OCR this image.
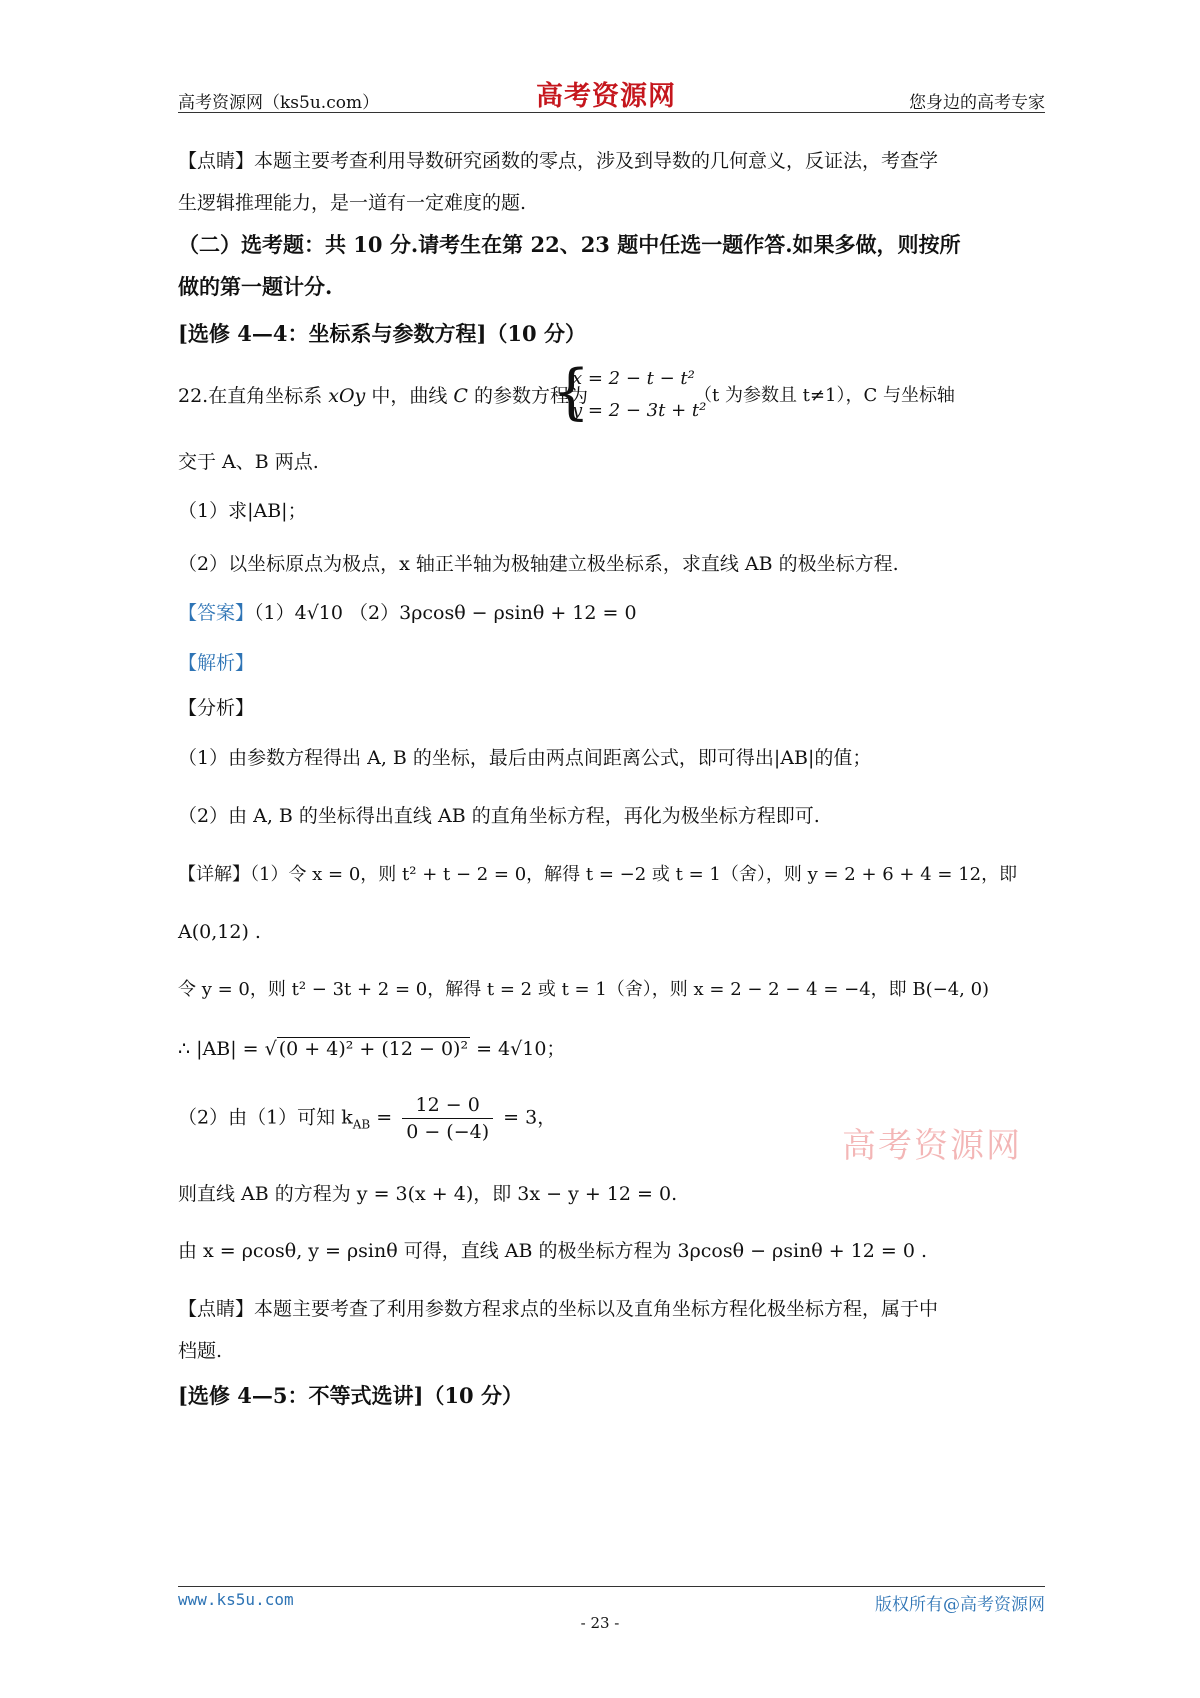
高考资源网（ks5u.com）	高考资源网	您身边的高考专家
【点睛】本题主要考查利用导数研究函数的零点，涉及到导数的几何意义，反证法，考查学
生逻辑推理能力，是一道有一定难度的题.
（二）选考题：共 10 分.请考生在第 22、23 题中任选一题作答.如果多做，则按所
做的第一题计分.
[选修 4—4：坐标系与参数方程]（10 分）
22.在直角坐标系 xOy 中，曲线 C 的参数方程为
{
x = 2 − t − t²
y = 2 − 3t + t²
（t 为参数且 t≠1），C 与坐标轴
交于 A、B 两点.
（1）求|AB|；
（2）以坐标原点为极点，x 轴正半轴为极轴建立极坐标系，求直线 AB 的极坐标方程.
【答案】（1）4√10 （2）3ρcosθ − ρsinθ + 12 = 0
【解析】
【分析】
（1）由参数方程得出 A, B 的坐标，最后由两点间距离公式，即可得出|AB|的值；
（2）由 A, B 的坐标得出直线 AB 的直角坐标方程，再化为极坐标方程即可.
【详解】（1）令 x = 0，则 t² + t − 2 = 0，解得 t = −2 或 t = 1（舍），则 y = 2 + 6 + 4 = 12，即
A(0,12) .
令 y = 0，则 t² − 3t + 2 = 0，解得 t = 2 或 t = 1（舍），则 x = 2 − 2 − 4 = −4，即 B(−4, 0)
∴ |AB| = √ (0 + 4)² + (12 − 0)² = 4√10；
高考资源网
（2）由（1）可知 $k_{AB} = \frac{12 - 0}{0 - (-4)} = 3$，
则直线 AB 的方程为 y = 3(x + 4)，即 3x − y + 12 = 0.
由 x = ρcosθ, y = ρsinθ 可得，直线 AB 的极坐标方程为 3ρcosθ − ρsinθ + 12 = 0 .
【点睛】本题主要考查了利用参数方程求点的坐标以及直角坐标方程化极坐标方程，属于中
档题.
[选修 4—5：不等式选讲]（10 分）
www.ks5u.com	版权所有@高考资源网
- 23 -
